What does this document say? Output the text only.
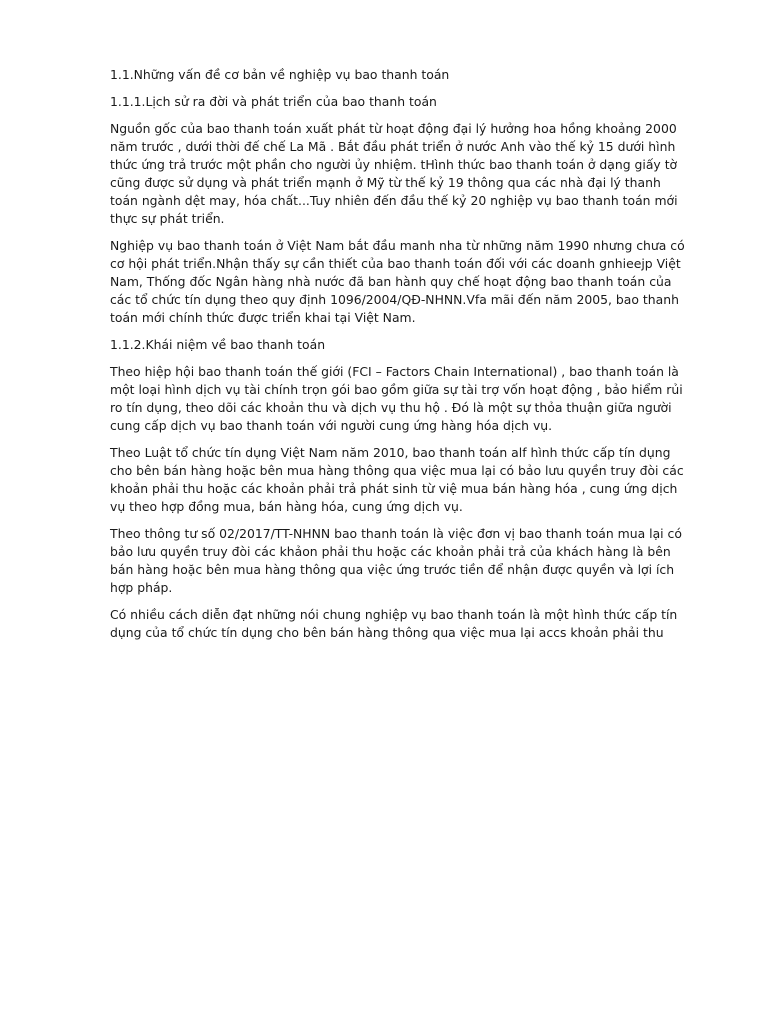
1.1.Những vấn đề cơ bản về nghiệp vụ bao thanh toán

1.1.1.Lịch sử ra đời và phát triển của bao thanh toán

Nguồn gốc của bao thanh toán xuất phát từ hoạt động đại lý hưởng hoa hồng khoảng 2000 năm trước , dưới thời đế chế La Mã . Bắt đầu phát triển ở nước Anh vào thế kỷ 15 dưới hình thức ứng trả trước một phần cho người ủy nhiệm. tHình thức bao thanh toán ở dạng giấy tờ cũng được sử dụng và phát triển mạnh ở Mỹ từ thế kỷ 19 thông qua các nhà đại lý thanh toán ngành dệt may, hóa chất...Tuy nhiên đến đầu thế kỷ 20 nghiệp vụ bao thanh toán mới thực sự phát triển.

Nghiệp vụ bao thanh toán ở Việt Nam bắt đầu manh nha từ những năm 1990 nhưng chưa có cơ hội phát triển.Nhận thấy sự cần thiết của bao thanh toán đối với các doanh gnhieejp Việt Nam, Thống đốc Ngân hàng nhà nước đã ban hành quy chế hoạt động bao thanh toán của các tổ chức tín dụng theo quy định 1096/2004/QĐ-NHNN.Vfa mãi đến năm 2005, bao thanh toán mới chính thức được triển khai tại Việt Nam.

1.1.2.Khái niệm về bao thanh toán

Theo hiệp hội bao thanh toán thế giới (FCI – Factors Chain International) , bao thanh toán là một loại hình dịch vụ tài chính trọn gói bao gồm giữa sự tài trợ vốn hoạt động , bảo hiểm rủi ro tín dụng, theo dõi các khoản thu và dịch vụ thu hộ . Đó là một sự thỏa thuận giữa người cung cấp dịch vụ bao thanh toán với người cung ứng hàng hóa dịch vụ.

Theo Luật tổ chức tín dụng Việt Nam năm 2010, bao thanh toán alf hình thức cấp tín dụng cho bên bán hàng hoặc bên mua hàng thông qua việc mua lại có bảo lưu quyền truy đòi các khoản phải thu hoặc các khoản phải trả phát sinh từ việ mua bán hàng hóa , cung ứng dịch vụ theo hợp đồng mua, bán hàng hóa, cung ứng dịch vụ.

Theo thông tư số 02/2017/TT-NHNN bao thanh toán là việc đơn vị bao thanh toán mua lại có bảo lưu quyền truy đòi các khảon phải thu hoặc các khoản phải trả của khách hàng là bên bán hàng hoặc bên mua hàng thông qua việc ứng trước tiền để nhận được quyền và lợi ích hợp pháp.

Có nhiều cách diễn đạt những nói chung nghiệp vụ bao thanh toán là một hình thức cấp tín dụng của tổ chức tín dụng cho bên bán hàng thông qua việc mua lại accs khoản phải thu
